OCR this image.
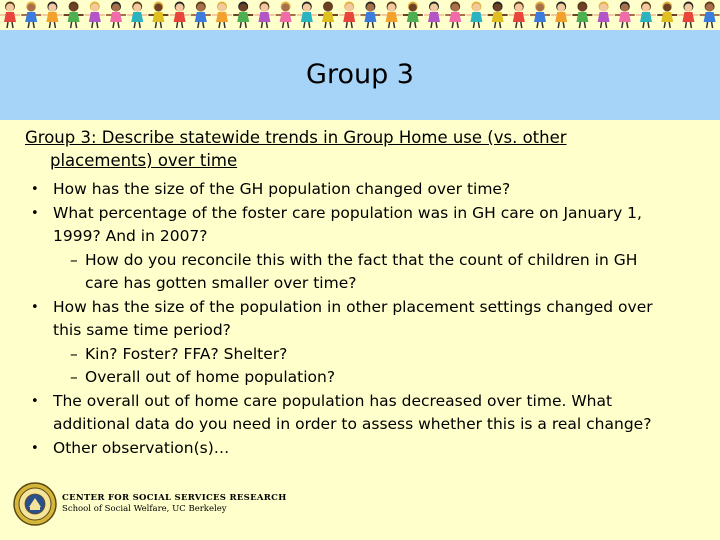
Group 3
Group 3: Describe statewide trends in Group Home use (vs. other
placements) over time
• How has the size of the GH population changed over time?
• What percentage of the foster care population was in GH care on January 1,
1999? And in 2007?
– How do you reconcile this with the fact that the count of children in GH
care has gotten smaller over time?
• How has the size of the population in other placement settings changed over
this same time period?
– Kin? Foster? FFA? Shelter?
– Overall out of home population?
• The overall out of home care population has decreased over time. What
additional data do you need in order to assess whether this is a real change?
• Other observation(s)…
CENTER FOR SOCIAL SERVICES RESEARCH
School of Social Welfare, UC Berkeley
